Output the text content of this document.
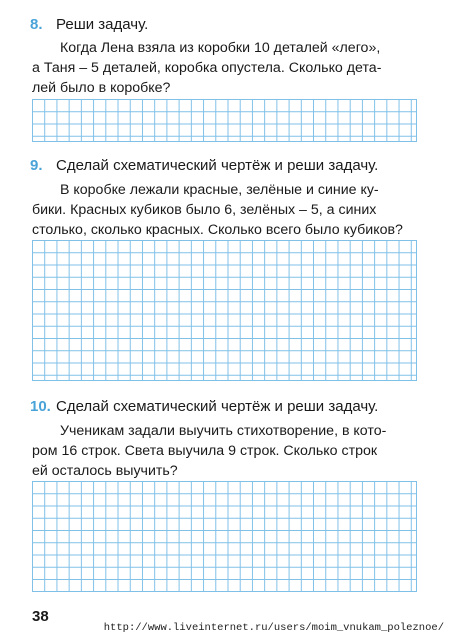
8. Реши задачу.
Когда Лена взяла из коробки 10 деталей «лего»,
а Таня – 5 деталей, коробка опустела. Сколько дета-
лей было в коробке?
9. Сделай схематический чертёж и реши задачу.
В коробке лежали красные, зелёные и синие ку-
бики. Красных кубиков было 6, зелёных – 5, а синих
столько, сколько красных. Сколько всего было кубиков?
10. Сделай схематический чертёж и реши задачу.
Ученикам задали выучить стихотворение, в кото-
ром 16 строк. Света выучила 9 строк. Сколько строк
ей осталось выучить?
38
http://www.liveinternet.ru/users/moim_vnukam_poleznoe/
